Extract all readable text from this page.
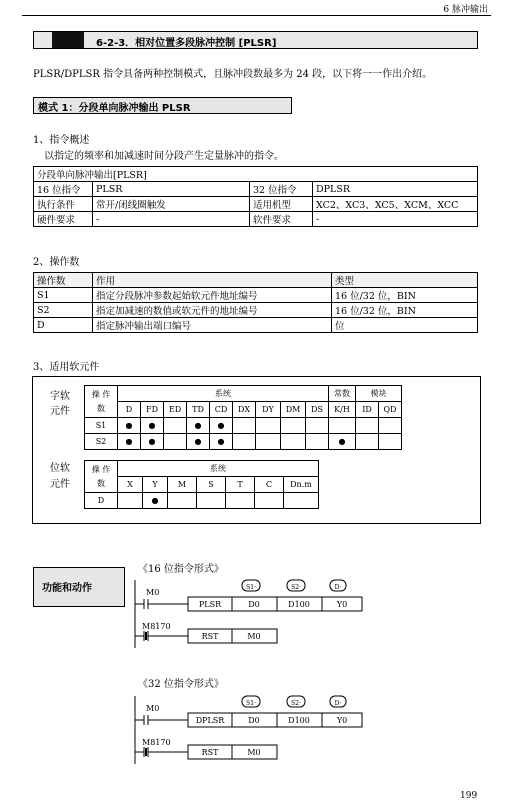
6 脉冲输出
6-2-3．相对位置多段脉冲控制 [PLSR]
PLSR/DPLSR 指令具备两种控制模式，且脉冲段数最多为 24 段，以下将一一作出介绍。
模式 1：分段单向脉冲输出 PLSR
1、指令概述
以指定的频率和加减速时间分段产生定量脉冲的指令。
分段单向脉冲输出[PLSR]			
16 位指令	PLSR	32 位指令	DPLSR
执行条件	常开/闭线圈触发	适用机型	XC2、XC3、XC5、XCM、XCC
硬件要求	-	软件要求	-
2、操作数
操作数	作用	类型
S1	指定分段脉冲参数起始软元件地址编号	16 位/32 位，BIN
S2	指定加减速的数值或软元件的地址编号	16 位/32 位，BIN
D	指定脉冲输出端口编号	位
3、适用软元件
字软
元件
操 作
数	系统									常数	模块	
	D	FD	ED	TD	CD	DX	DY	DM	DS	K/H	ID	QD
S1	●	●		●	●							
S2	●	●		●	●					●		
位软
元件
操 作
数	系统						
	X	Y	M	S	T	C	Dn.m
D		●					
功能和动作
《16 位指令形式》
M0
PLSR	D0	D100	Y0
S1·	S2·	D·
M8170
RST	M0
《32 位指令形式》
M0
DPLSR	D0	D100	Y0
S1·	S2·	D·
M8170
RST	M0
199
